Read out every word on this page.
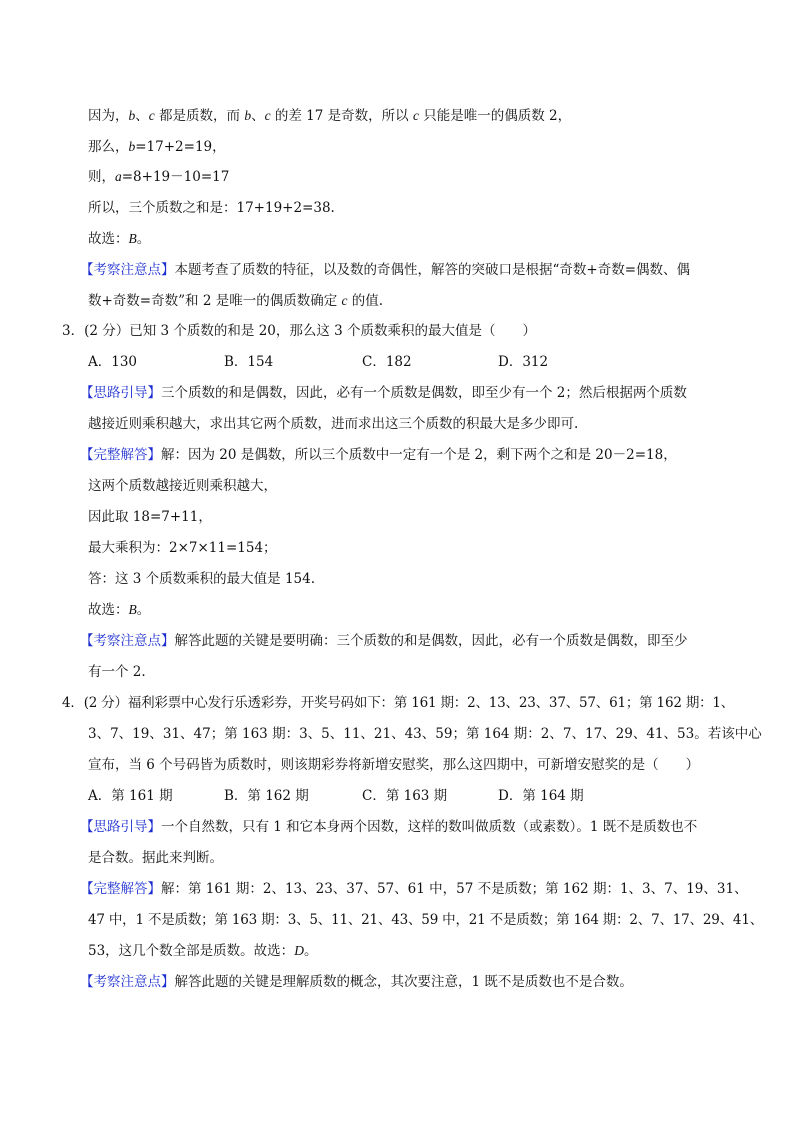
因为，b、c 都是质数，而 b、c 的差 17 是奇数，所以 c 只能是唯一的偶质数 2，
那么，b=17+2=19，
则，a=8+19－10=17
所以，三个质数之和是：17+19+2=38.
故选：B。
【考察注意点】本题考查了质数的特征，以及数的奇偶性，解答的突破口是根据“奇数+奇数=偶数、偶
数+奇数=奇数”和 2 是唯一的偶质数确定 c 的值.
3．(2 分）已知 3 个质数的和是 20，那么这 3 个质数乘积的最大值是（　　）
A．130	B．154	C．182	D．312
【思路引导】三个质数的和是偶数，因此，必有一个质数是偶数，即至少有一个 2；然后根据两个质数
越接近则乘积越大，求出其它两个质数，进而求出这三个质数的积最大是多少即可.
【完整解答】解：因为 20 是偶数，所以三个质数中一定有一个是 2，剩下两个之和是 20－2=18，
这两个质数越接近则乘积越大，
因此取 18=7+11，
最大乘积为：2×7×11=154；
答：这 3 个质数乘积的最大值是 154.
故选：B。
【考察注意点】解答此题的关键是要明确：三个质数的和是偶数，因此，必有一个质数是偶数，即至少
有一个 2.
4．(2 分）福利彩票中心发行乐透彩券，开奖号码如下：第 161 期：2、13、23、37、57、61；第 162 期：1、
3、7、19、31、47；第 163 期：3、5、11、21、43、59；第 164 期：2、7、17、29、41、53。若该中心
宣布，当 6 个号码皆为质数时，则该期彩券将新增安慰奖，那么这四期中，可新增安慰奖的是（　　）
A．第 161 期	B．第 162 期	C．第 163 期	D．第 164 期
【思路引导】一个自然数，只有 1 和它本身两个因数，这样的数叫做质数（或素数）。1 既不是质数也不
是合数。据此来判断。
【完整解答】解：第 161 期：2、13、23、37、57、61 中，57 不是质数；第 162 期：1、3、7、19、31、
47 中，1 不是质数；第 163 期：3、5、11、21、43、59 中，21 不是质数；第 164 期：2、7、17、29、41、
53，这几个数全部是质数。故选：D。
【考察注意点】解答此题的关键是理解质数的概念，其次要注意，1 既不是质数也不是合数。
